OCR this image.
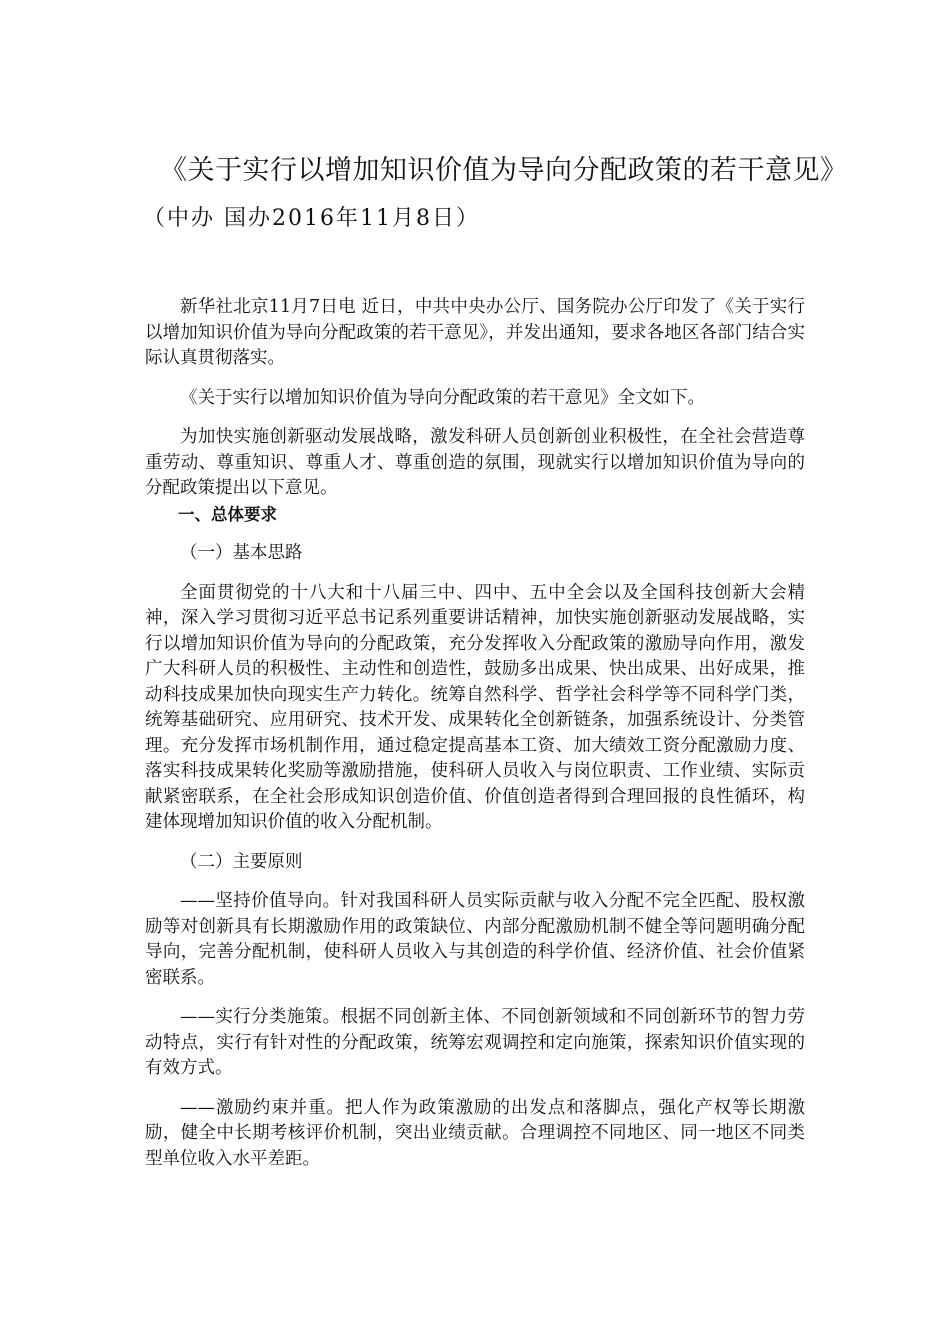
《关于实行以增加知识价值为导向分配政策的若干意见》
（中办 国办2016年11月8日）

新华社北京11月7日电 近日，中共中央办公厅、国务院办公厅印发了《关于实行以增加知识价值为导向分配政策的若干意见》，并发出通知，要求各地区各部门结合实际认真贯彻落实。

《关于实行以增加知识价值为导向分配政策的若干意见》全文如下。

为加快实施创新驱动发展战略，激发科研人员创新创业积极性，在全社会营造尊重劳动、尊重知识、尊重人才、尊重创造的氛围，现就实行以增加知识价值为导向的分配政策提出以下意见。

一、总体要求

（一）基本思路

全面贯彻党的十八大和十八届三中、四中、五中全会以及全国科技创新大会精神，深入学习贯彻习近平总书记系列重要讲话精神，加快实施创新驱动发展战略，实行以增加知识价值为导向的分配政策，充分发挥收入分配政策的激励导向作用，激发广大科研人员的积极性、主动性和创造性，鼓励多出成果、快出成果、出好成果，推动科技成果加快向现实生产力转化。统筹自然科学、哲学社会科学等不同科学门类，统筹基础研究、应用研究、技术开发、成果转化全创新链条，加强系统设计、分类管理。充分发挥市场机制作用，通过稳定提高基本工资、加大绩效工资分配激励力度、落实科技成果转化奖励等激励措施，使科研人员收入与岗位职责、工作业绩、实际贡献紧密联系，在全社会形成知识创造价值、价值创造者得到合理回报的良性循环，构建体现增加知识价值的收入分配机制。

（二）主要原则

——坚持价值导向。针对我国科研人员实际贡献与收入分配不完全匹配、股权激励等对创新具有长期激励作用的政策缺位、内部分配激励机制不健全等问题明确分配导向，完善分配机制，使科研人员收入与其创造的科学价值、经济价值、社会价值紧密联系。

——实行分类施策。根据不同创新主体、不同创新领域和不同创新环节的智力劳动特点，实行有针对性的分配政策，统筹宏观调控和定向施策，探索知识价值实现的有效方式。

——激励约束并重。把人作为政策激励的出发点和落脚点，强化产权等长期激励，健全中长期考核评价机制，突出业绩贡献。合理调控不同地区、同一地区不同类型单位收入水平差距。
